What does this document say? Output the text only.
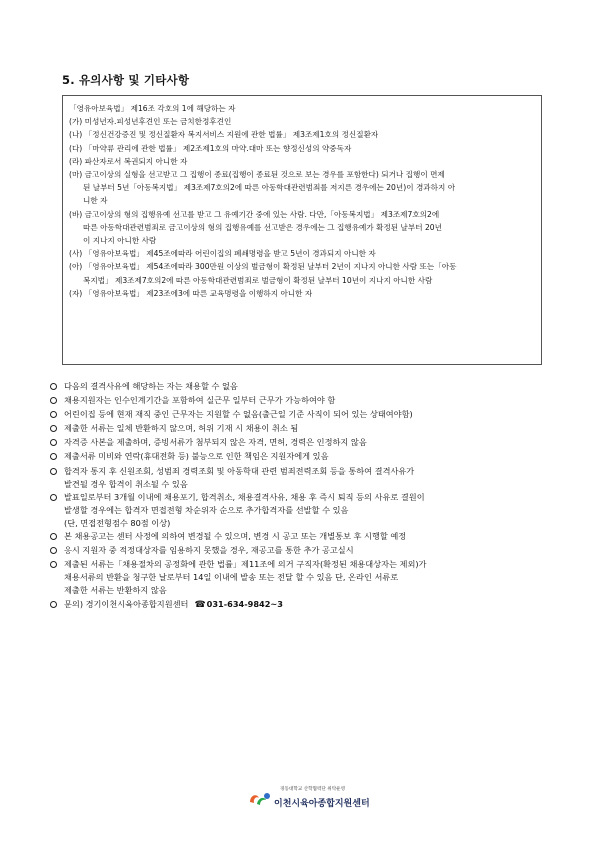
5. 유의사항 및 기타사항
「영유아보육법」 제16조 각호의 1에 해당하는 자
(가) 미성년자.피성년후견인 또는 금치한정후견인
(나) 「정신건강증진 및 정신질환자 복지서비스 지원에 관한 법률」 제3조제1호의 정신질환자
(다) 「마약류 관리에 관한 법률」 제2조제1호의 마약.대마 또는 향정신성의 약중독자
(라) 파산자로서 복권되지 아니한 자
(마) 금고이상의 실형을 선고받고 그 집행이 종료(집행이 종료된 것으로 보는 경우를 포함한다) 되거나 집행이 면제
된 날부터 5년「아동복지법」 제3조제7호의2에 따른 아동학대관련범죄를 저지른 경우에는 20년)이 경과하지 아
니한 자
(바) 금고이상의 형의 집행유예 선고를 받고 그 유예기간 중에 있는 사람. 다만,「아동복지법」 제3조제7호의2에
따른 아동학대관련범죄로 금고이상의 형의 집행유예를 선고받은 경우에는 그 집행유예가 확정된 날부터 20년
이 지나지 아니한 사람
(사) 「영유아보육법」 제45조에따라 어린이집의 폐쇄명령을 받고 5년이 경과되지 아니한 자
(아) 「영유아보육법」 제54조에따라 300만원 이상의 벌금형이 확정된 날부터 2년이 지나지 아니한 사람 또는「아동
복지법」 제3조제7호의2에 따른 아동학대관련범죄로 벌금형이 확정된 날부터 10년이 지나지 아니한 사람
(자) 「영유아보육법」 제23조에3에 따른 교육명령을 이행하지 아니한 자
다음의 결격사유에 해당하는 자는 채용할 수 없음
채용지원자는 인수인계기간을 포함하여 실근무 일부터 근무가 가능하여야 함
어린이집 등에 현재 재직 중인 근무자는 지원할 수 없음(출근일 기준 사직이 되어 있는 상태여야함)
제출한 서류는 일체 반환하지 않으며, 허위 기재 시 채용이 취소 됨
자격증 사본을 제출하며, 증빙서류가 첨부되지 않은 자격, 면허, 경력은 인정하지 않음
제출서류 미비와 연락(휴대전화 등) 불능으로 인한 책임은 지원자에게 있음
합격자 통지 후 신원조회, 성범죄 경력조회 및 아동학대 관련 범죄전력조회 등을 통하여 결격사유가
발견될 경우 합격이 취소될 수 있음
발표일로부터 3개월 이내에 채용포기, 합격취소, 채용결격사유, 채용 후 즉시 퇴직 등의 사유로 결원이
발생할 경우에는 합격자 면접전형 차순위자 순으로 추가합격자를 선발할 수 있음
(단, 면접전형점수 80점 이상)
본 채용공고는 센터 사정에 의하여 변경될 수 있으며, 변경 시 공고 또는 개별통보 후 시행할 예정
응시 지원자 중 적정대상자를 임용하지 못했을 경우, 재공고를 통한 추가 공고실시
제출된 서류는「채용절차의 공정화에 관한 법률」제11조에 의거 구직자(확정된 채용대상자는 제외)가
채용서류의 반환을 청구한 날로부터 14일 이내에 발송 또는 전달 할 수 있음 단, 온라인 서류로
제출한 서류는 반환하지 않음
문의) 경기이천시육아종합지원센터 ☎031-634-9842~3
경동대학교 산학협력단 위탁운영
이천시육아종합지원센터
